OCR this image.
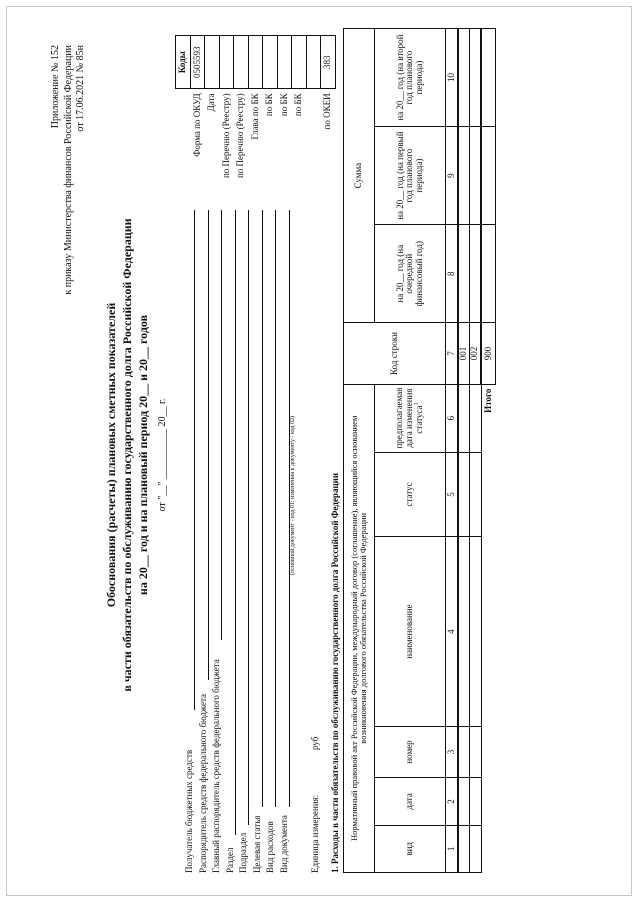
Приложение № 152 к приказу Министерства финансов Российской Федерации от 17.06.2021 № 85н
Обоснования (расчеты) плановых сметных показателей в части обязательств по обслуживанию государственного долга Российской Федерации на 20__ год и на плановый период 20__ и 20__ годов от "__" __________ 20__ г.
	Коды
Форма по ОКУД	0505593
Дата	
по Перечню (Реестру)	
по Перечню (Реестру)	
Глава по БК	
по БК	
по БК	
по БК	

по ОКЕИ	383
Получатель бюджетных средств Распорядитель средств федерального бюджета Главный распорядитель средств федерального бюджета Раздел Подраздел Целевая статья Вид расходов Вид документа
(основной документ - код 01; изменения к документу - код 02)
Единица измерения:
руб 1. Расходы в части обязательств по обслуживанию государственного долга Российской Федерации Нормативный правовой акт Российской Федерации, международный договор (соглашение), являющийся основанием возникновения долгового обязательства Российской Федерации						Код строки	Сумма		
вид	дата	номер	наименование	статус	предполагаемая дата изменения статуса$^1$		на 20__ год (на очередной финансовый год)	на 20__ год (на первый год планового периода)	на 20__ год (на второй год планового периода)
1	2	3	4	5	6	7	8	9	10
						001			
						002			
					Итого	900			
